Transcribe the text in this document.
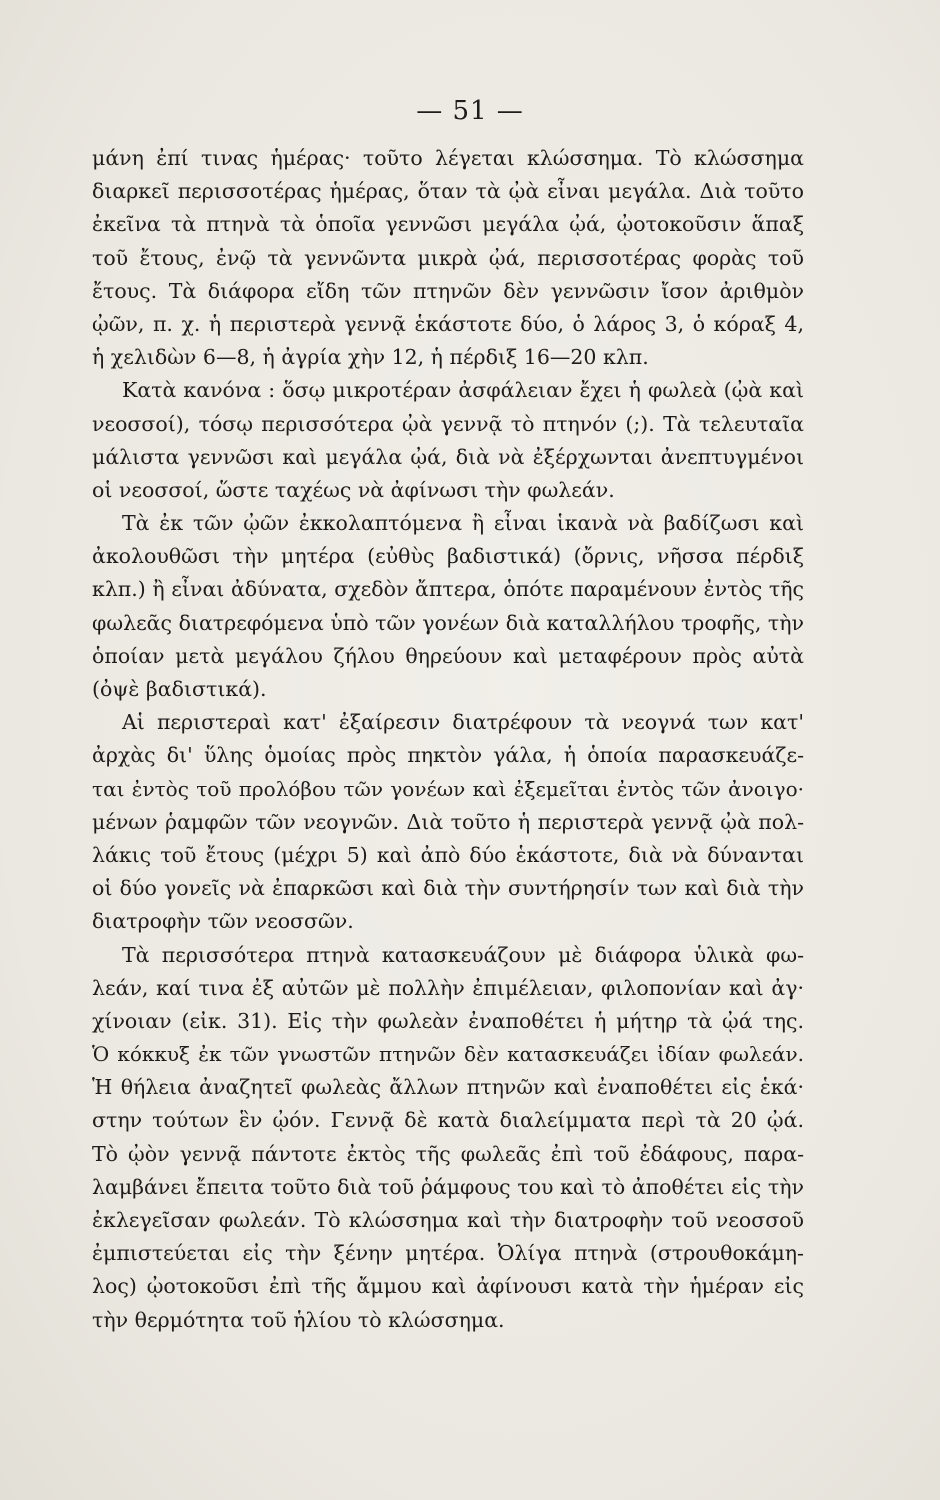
— 51 —
μάνη ἐπί τινας ἡμέρας· τοῦτο λέγεται κλώσσημα. Τὸ κλώσσημα
διαρκεῖ περισσοτέρας ἡμέρας, ὅταν τὰ ᾠὰ εἶναι μεγάλα. Διὰ τοῦτο
ἐκεῖνα τὰ πτηνὰ τὰ ὁποῖα γεννῶσι μεγάλα ᾠά, ᾠοτοκοῦσιν ἅπαξ
τοῦ ἔτους, ἐνῷ τὰ γεννῶντα μικρὰ ᾠά, περισσοτέρας φορὰς τοῦ
ἔτους. Τὰ διάφορα εἴδη τῶν πτηνῶν δὲν γεννῶσιν ἴσον ἀριθμὸν
ᾠῶν, π. χ. ἡ περιστερὰ γεννᾷ ἑκάστοτε δύο, ὁ λάρος 3, ὁ κόραξ 4,
ἡ χελιδὼν 6—8, ἡ ἀγρία χὴν 12, ἡ πέρδιξ 16—20 κλπ.
Κατὰ κανόνα : ὅσῳ μικροτέραν ἀσφάλειαν ἔχει ἡ φωλεὰ (ᾠὰ καὶ
νεοσσοί), τόσῳ περισσότερα ᾠὰ γεννᾷ τὸ πτηνόν (;). Τὰ τελευταῖα
μάλιστα γεννῶσι καὶ μεγάλα ᾠά, διὰ νὰ ἐξέρχωνται ἀνεπτυγμένοι
οἱ νεοσσοί, ὥστε ταχέως νὰ ἀφίνωσι τὴν φωλεάν.
Τὰ ἐκ τῶν ᾠῶν ἐκκολαπτόμενα ἢ εἶναι ἱκανὰ νὰ βαδίζωσι καὶ
ἀκολουθῶσι τὴν μητέρα (εὐθὺς βαδιστικά) (ὄρνις, νῆσσα πέρδιξ
κλπ.) ἢ εἶναι ἀδύνατα, σχεδὸν ἄπτερα, ὁπότε παραμένουν ἐντὸς τῆς
φωλεᾶς διατρεφόμενα ὑπὸ τῶν γονέων διὰ καταλλήλου τροφῆς, τὴν
ὁποίαν μετὰ μεγάλου ζήλου θηρεύουν καὶ μεταφέρουν πρὸς αὐτὰ
(ὀψὲ βαδιστικά).
Αἱ περιστεραὶ κατ' ἐξαίρεσιν διατρέφουν τὰ νεογνά των κατ'
ἀρχὰς δι' ὕλης ὁμοίας πρὸς πηκτὸν γάλα, ἡ ὁποία παρασκευάζε-
ται ἐντὸς τοῦ προλόβου τῶν γονέων καὶ ἐξεμεῖται ἐντὸς τῶν ἀνοιγο·
μένων ῥαμφῶν τῶν νεογνῶν. Διὰ τοῦτο ἡ περιστερὰ γεννᾷ ᾠὰ πολ-
λάκις τοῦ ἔτους (μέχρι 5) καὶ ἀπὸ δύο ἑκάστοτε, διὰ νὰ δύνανται
οἱ δύο γονεῖς νὰ ἐπαρκῶσι καὶ διὰ τὴν συντήρησίν των καὶ διὰ τὴν
διατροφὴν τῶν νεοσσῶν.
Τὰ περισσότερα πτηνὰ κατασκευάζουν μὲ διάφορα ὑλικὰ φω-
λεάν, καί τινα ἐξ αὐτῶν μὲ πολλὴν ἐπιμέλειαν, φιλοπονίαν καὶ ἀγ·
χίνοιαν (εἰκ. 31). Εἰς τὴν φωλεὰν ἐναποθέτει ἡ μήτηρ τὰ ᾠά της.
Ὁ κόκκυξ ἐκ τῶν γνωστῶν πτηνῶν δὲν κατασκευάζει ἰδίαν φωλεάν.
Ἡ θήλεια ἀναζητεῖ φωλεὰς ἄλλων πτηνῶν καὶ ἐναποθέτει εἰς ἑκά·
στην τούτων ἓν ᾠόν. Γεννᾷ δὲ κατὰ διαλείμματα περὶ τὰ 20 ᾠά.
Τὸ ᾠὸν γεννᾷ πάντοτε ἐκτὸς τῆς φωλεᾶς ἐπὶ τοῦ ἐδάφους, παρα-
λαμβάνει ἔπειτα τοῦτο διὰ τοῦ ῥάμφους του καὶ τὸ ἀποθέτει εἰς τὴν
ἐκλεγεῖσαν φωλεάν. Τὸ κλώσσημα καὶ τὴν διατροφὴν τοῦ νεοσσοῦ
ἐμπιστεύεται εἰς τὴν ξένην μητέρα. Ὀλίγα πτηνὰ (στρουθοκάμη-
λος) ᾠοτοκοῦσι ἐπὶ τῆς ἄμμου καὶ ἀφίνουσι κατὰ τὴν ἡμέραν εἰς
τὴν θερμότητα τοῦ ἡλίου τὸ κλώσσημα.
